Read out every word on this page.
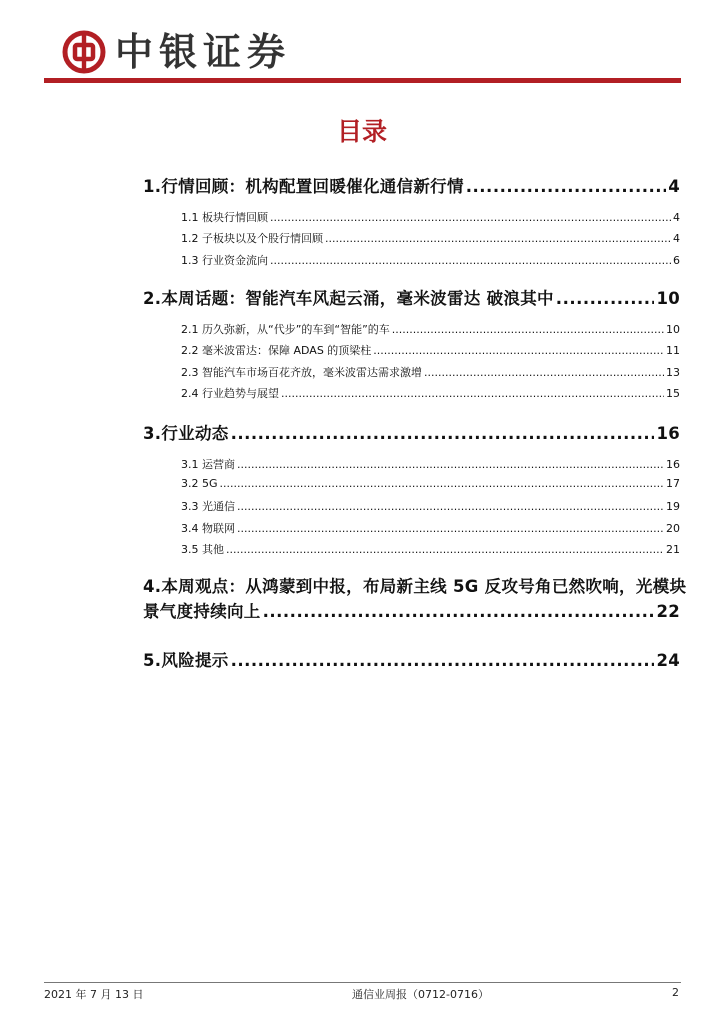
中银证券
目录
1.行情回顾：机构配置回暖催化通信新行情 .....	4
1.1 板块行情回顾 .....	4
1.2 子板块以及个股行情回顾 .....	4
1.3 行业资金流向 .....	6
2.本周话题：智能汽车风起云涌，毫米波雷达 破浪其中 .....	10
2.1 历久弥新，从“代步”的车到“智能”的车 .....	10
2.2 毫米波雷达：保障 ADAS 的顶梁柱 .....	11
2.3 智能汽车市场百花齐放，毫米波雷达需求激增 .....	13
2.4 行业趋势与展望 .....	15
3.行业动态 .....	16
3.1 运营商 .....	16
3.2 5G .....	17
3.3 光通信 .....	19
3.4 物联网 .....	20
3.5 其他 .....	21
4.本周观点：从鸿蒙到中报，布局新主线 5G 反攻号角已然吹响，光模块
景气度持续向上 .....	22
5.风险提示 .....	24
2021 年 7 月 13 日	通信业周报（0712-0716）	2
